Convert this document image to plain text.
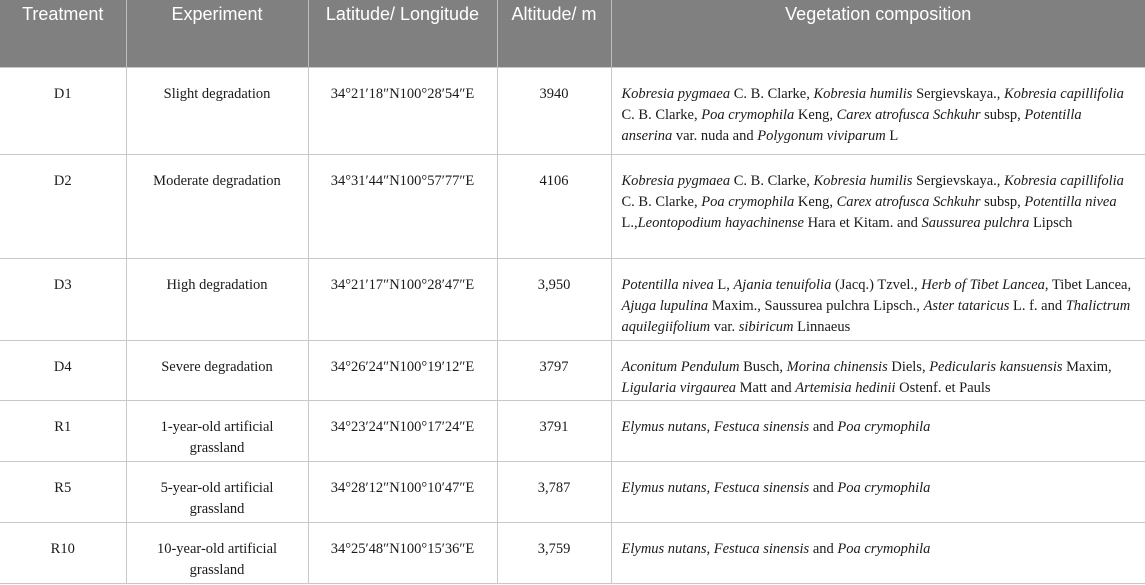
Treatment	Experiment	Latitude/ Longitude	Altitude/ m	Vegetation composition
D1	Slight degradation	34°21′18″N100°28′54″E	3940	Kobresia pygmaea C. B. Clarke, Kobresia humilis Sergievskaya., Kobresia capillifolia C. B. Clarke, Poa crymophila Keng, Carex atrofusca Schkuhr subsp, Potentilla anserina var. nuda and Polygonum viviparum L
D2	Moderate degradation	34°31′44″N100°57′77″E	4106	Kobresia pygmaea C. B. Clarke, Kobresia humilis Sergievskaya., Kobresia capillifolia C. B. Clarke, Poa crymophila Keng, Carex atrofusca Schkuhr subsp, Potentilla nivea L.,Leontopodium hayachinense Hara et Kitam. and Saussurea pulchra Lipsch
D3	High degradation	34°21′17″N100°28′47″E	3,950	Potentilla nivea L, Ajania tenuifolia (Jacq.) Tzvel., Herb of Tibet Lancea, Tibet Lancea, Ajuga lupulina Maxim., Saussurea pulchra Lipsch., Aster tataricus L. f. and Thalictrum aquilegiifolium var. sibiricum Linnaeus
D4	Severe degradation	34°26′24″N100°19′12″E	3797	Aconitum Pendulum Busch, Morina chinensis Diels, Pedicularis kansuensis Maxim, Ligularia virgaurea Matt and Artemisia hedinii Ostenf. et Pauls
R1	1-year-old artificial grassland	34°23′24″N100°17′24″E	3791	Elymus nutans, Festuca sinensis and Poa crymophila
R5	5-year-old artificial grassland	34°28′12″N100°10′47″E	3,787	Elymus nutans, Festuca sinensis and Poa crymophila
R10	10-year-old artificial grassland	34°25′48″N100°15′36″E	3,759	Elymus nutans, Festuca sinensis and Poa crymophila
